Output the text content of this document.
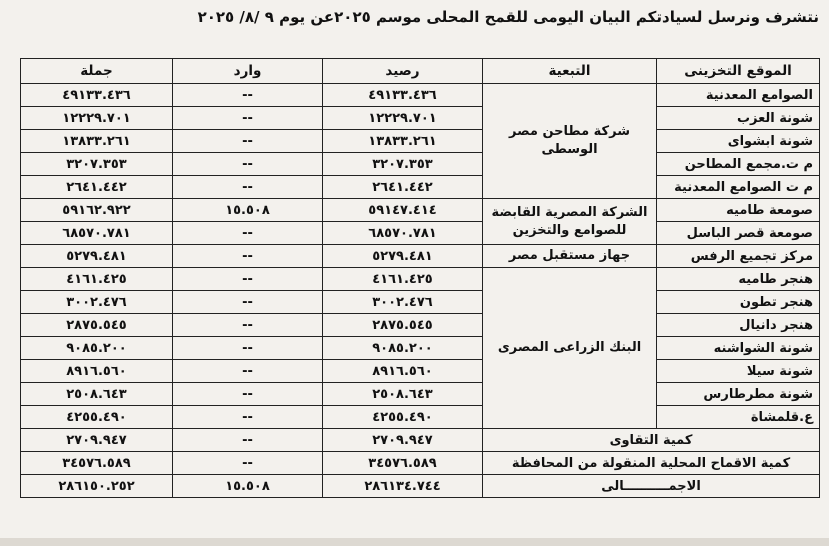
نتشرف ونرسل لسيادتكم البيان اليومى للقمح المحلى موسم ٢٠٢٥عن يوم ٩ /٨/ ٢٠٢٥
الموقع التخزينى	التبعية	رصيد	وارد	جملة
الصوامع المعدنية	شركة مطاحن مصر الوسطى	٤٩١٣٣.٤٣٦	--	٤٩١٣٣.٤٣٦
شونة العزب		١٢٢٢٩.٧٠١	--	١٢٢٢٩.٧٠١
شونة ابشواى		١٣٨٣٣.٢٦١	--	١٣٨٣٣.٢٦١
م ت.مجمع المطاحن		٣٢٠٧.٣٥٣	--	٣٢٠٧.٣٥٣
م ت الصوامع المعدنية		٢٦٤١.٤٤٢	--	٢٦٤١.٤٤٢
صومعة طاميه	الشركة المصرية القابضة للصوامع والتخزين	٥٩١٤٧.٤١٤	١٥.٥٠٨	٥٩١٦٢.٩٢٢
صومعة قصر الباسل		٦٨٥٧٠.٧٨١	--	٦٨٥٧٠.٧٨١
مركز تجميع الرفس	جهاز مستقبل مصر	٥٢٧٩.٤٨١	--	٥٢٧٩.٤٨١
هنجر طاميه	البنك الزراعى المصرى	٤١٦١.٤٢٥	--	٤١٦١.٤٢٥
هنجر تطون		٣٠٠٢.٤٧٦	--	٣٠٠٢.٤٧٦
هنجر دانيال		٢٨٧٥.٥٤٥	--	٢٨٧٥.٥٤٥
شونة الشواشنه		٩٠٨٥.٢٠٠	--	٩٠٨٥.٢٠٠
شونة سيلا		٨٩١٦.٥٦٠	--	٨٩١٦.٥٦٠
شونة مطرطارس		٢٥٠٨.٦٤٣	--	٢٥٠٨.٦٤٣
ع.قلمشاة		٤٢٥٥.٤٩٠	--	٤٢٥٥.٤٩٠
كمية التقاوى		٢٧٠٩.٩٤٧	--	٢٧٠٩.٩٤٧
كمية الاقماح المحلية المنقولة من المحافظة		٣٤٥٧٦.٥٨٩	--	٣٤٥٧٦.٥٨٩
الاجمــــــــــالى		٢٨٦١٣٤.٧٤٤	١٥.٥٠٨	٢٨٦١٥٠.٢٥٢
